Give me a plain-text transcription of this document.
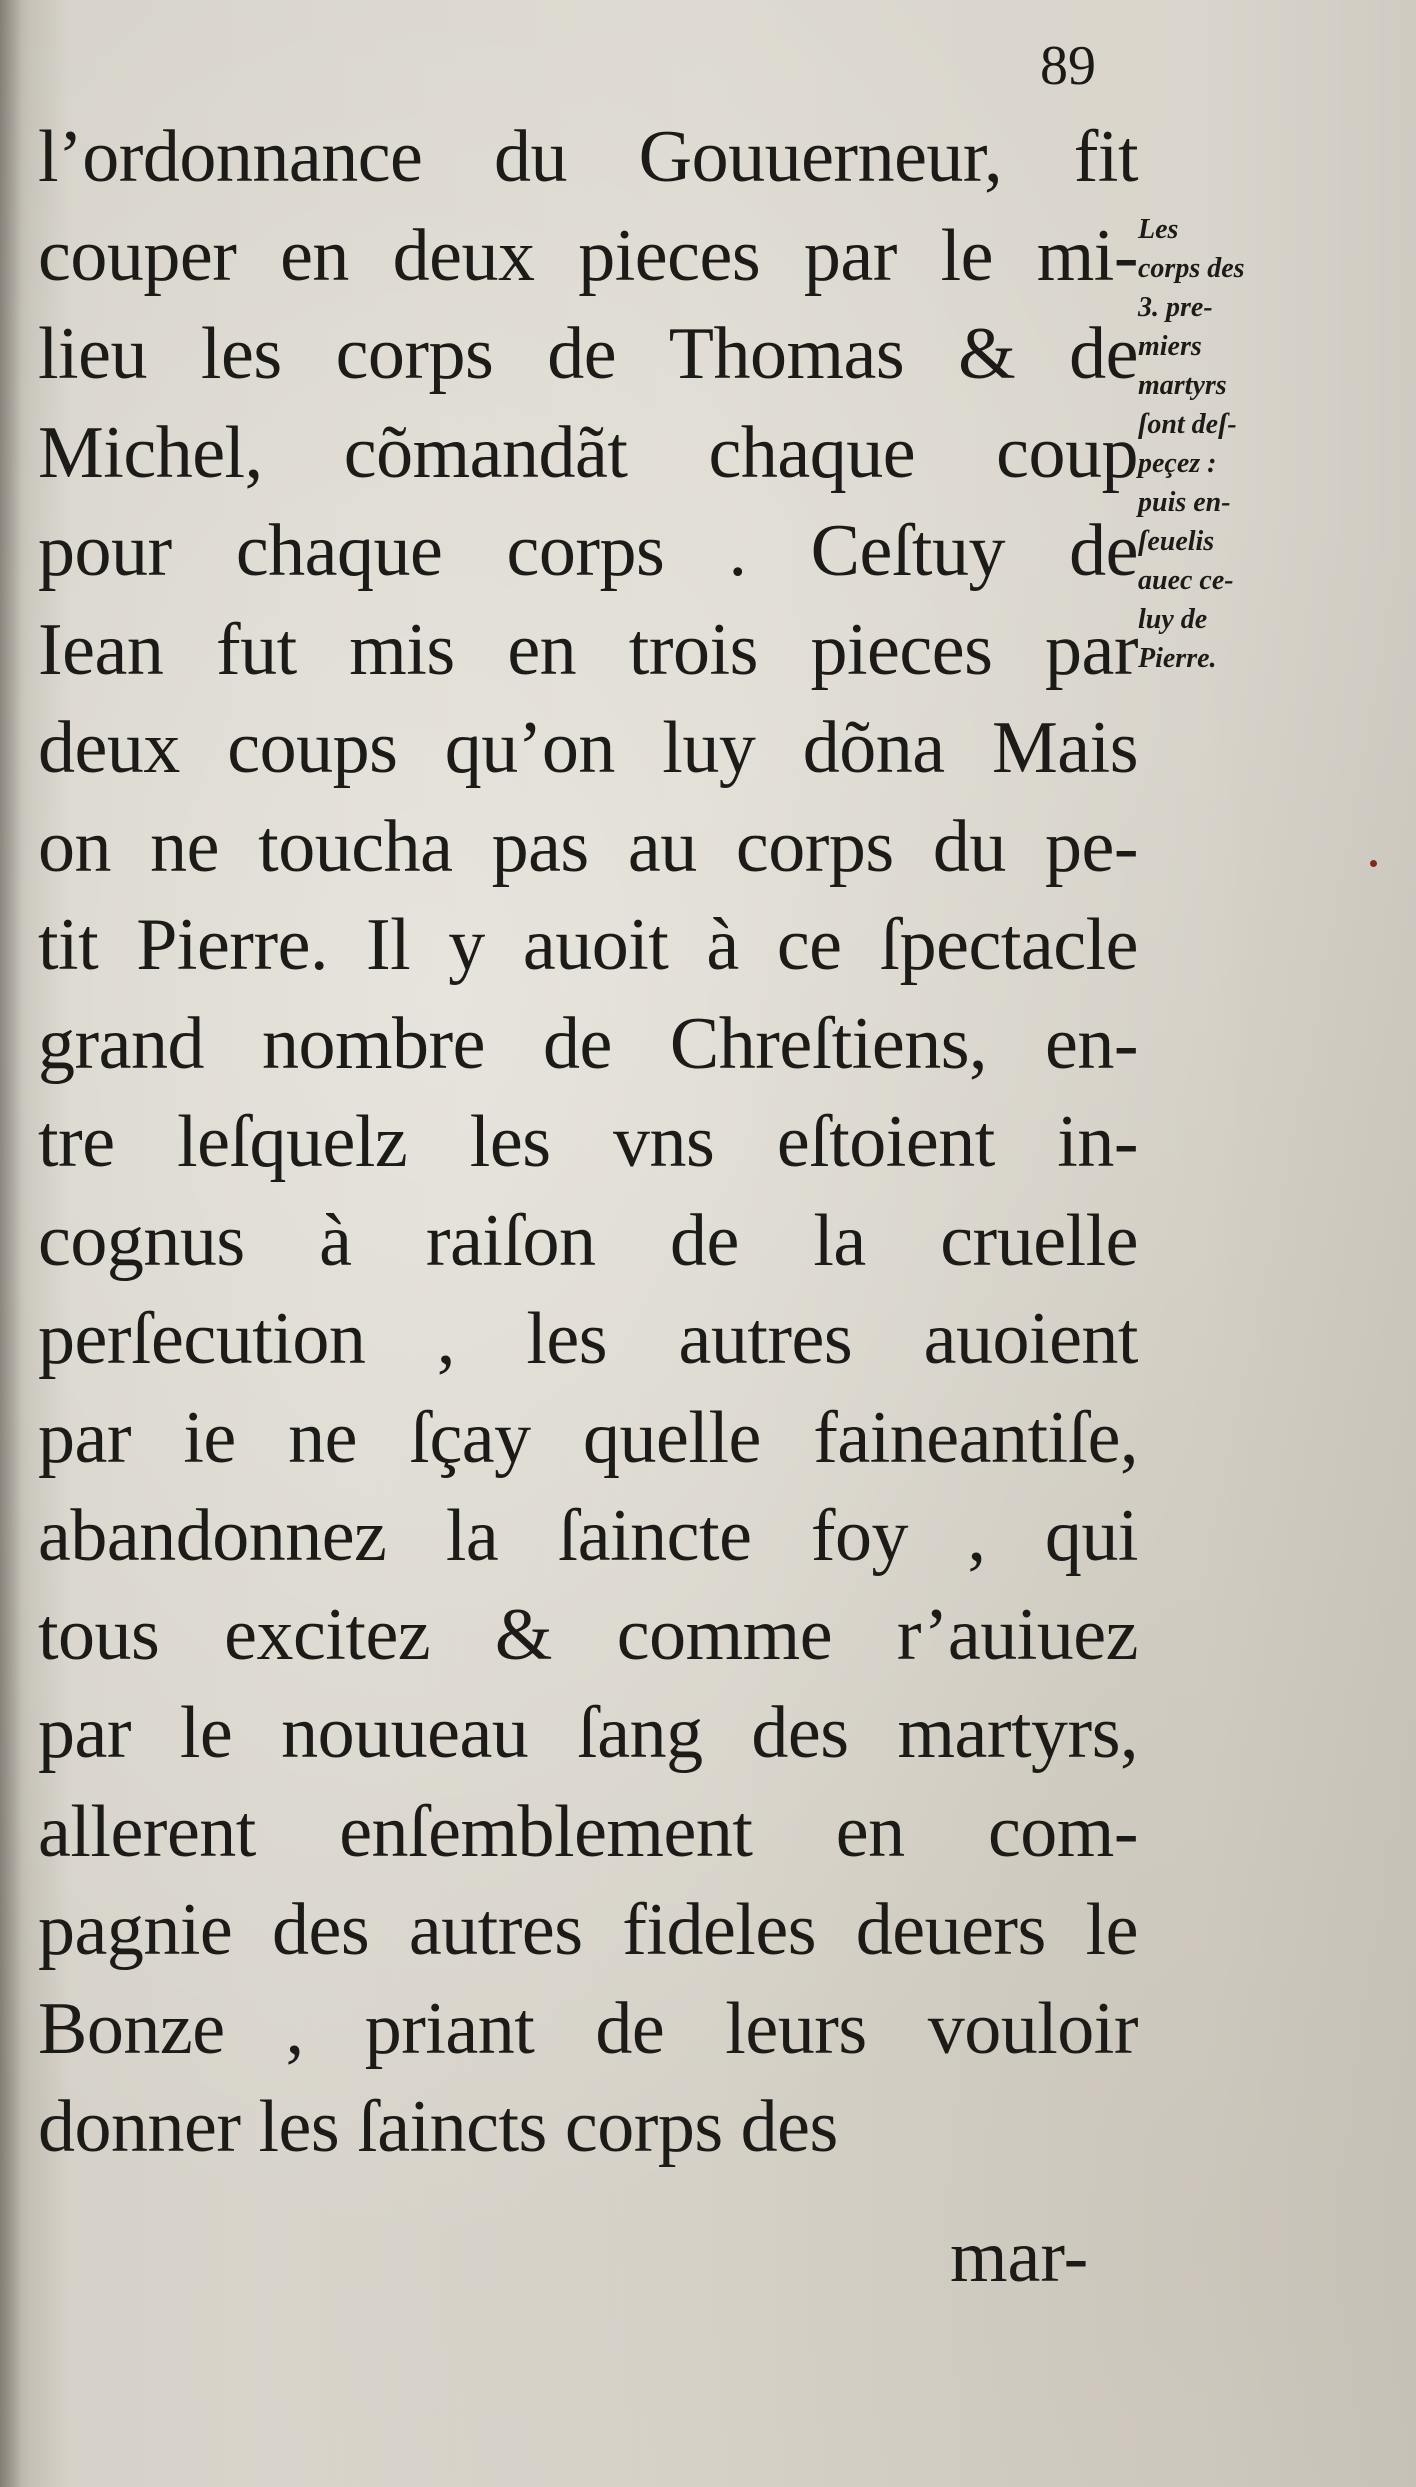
89
l’ordonnance du Gouuerneur, fit
couper en deux pieces par le mi-
lieu les corps de Thomas & de
Michel, cõmandãt chaque coup
pour chaque corps . Ceſtuy de
Iean fut mis en trois pieces par
deux coups qu’on luy dõna Mais
on ne toucha pas au corps du pe-
tit Pierre. Il y auoit à ce ſpectacle
grand nombre de Chreſtiens, en-
tre leſquelz les vns eſtoient in-
cognus à raiſon de la cruelle
perſecution , les autres auoient
par ie ne ſçay quelle faineantiſe,
abandonnez la ſaincte foy , qui
tous excitez & comme r’auiuez
par le nouueau ſang des martyrs,
allerent enſemblement en com-
pagnie des autres fideles deuers le
Bonze , priant de leurs vouloir
donner les ſaincts corps des
mar-
Les
corps des
3. pre-
miers
martyrs
ſont deſ-
peçez :
puis en-
ſeuelis
auec ce-
luy de
Pierre.
